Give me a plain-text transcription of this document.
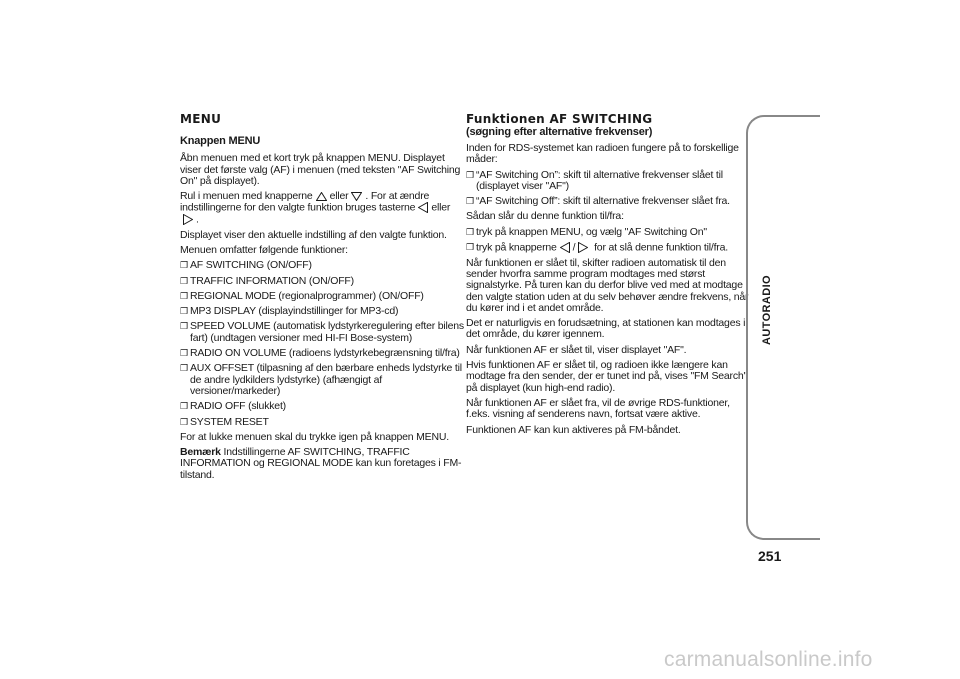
MENU
Knappen MENU

Åbn menuen med et kort tryk på knappen MENU. Displayet viser det første valg (AF) i menuen (med teksten "AF Switching On" på displayet).

Rul i menuen med knapperne eller . For at ændre indstillingerne for den valgte funktion bruges tasterne eller.

Displayet viser den aktuelle indstilling af den valgte funktion.

Menuen omfatter følgende funktioner:

❒ AF SWITCHING (ON/OFF)
❒ TRAFFIC INFORMATION (ON/OFF)
❒ REGIONAL MODE (regionalprogrammer) (ON/OFF)
❒ MP3 DISPLAY (displayindstillinger for MP3-cd)
❒ SPEED VOLUME (automatisk lydstyrkeregulering efter bilens fart) (undtagen versioner med HI-FI Bose-system)
❒ RADIO ON VOLUME (radioens lydstyrkebegrænsning til/fra)
❒ AUX OFFSET (tilpasning af den bærbare enheds lydstyrke til de andre lydkilders lydstyrke) (afhængigt af versioner/markeder)
❒ RADIO OFF (slukket)
❒ SYSTEM RESET

For at lukke menuen skal du trykke igen på knappen MENU.

Bemærk Indstillingerne AF SWITCHING, TRAFFIC INFORMATION og REGIONAL MODE kan kun foretages i FM-tilstand.

Funktionen AF SWITCHING
(søgning efter alternative frekvenser)

Inden for RDS-systemet kan radioen fungere på to forskellige måder:

❒ “AF Switching On”: skift til alternative frekvenser slået til (displayet viser "AF")
❒ “AF Switching Off”: skift til alternative frekvenser slået fra.

Sådan slår du denne funktion til/fra:

❒ tryk på knappen MENU, og vælg "AF Switching On"
❒ tryk på knapperne / for at slå denne funktion til/fra.

Når funktionen er slået til, skifter radioen automatisk til den sender hvorfra samme program modtages med størst signalstyrke. På turen kan du derfor blive ved med at modtage den valgte station uden at du selv behøver ændre frekvens, når du kører ind i et andet område.

Det er naturligvis en forudsætning, at stationen kan modtages i det område, du kører igennem.

Når funktionen AF er slået til, viser displayet "AF".

Hvis funktionen AF er slået til, og radioen ikke længere kan modtage fra den sender, der er tunet ind på, vises "FM Search" på displayet (kun high-end radio).

Når funktionen AF er slået fra, vil de øvrige RDS-funktioner, f.eks. visning af senderens navn, fortsat være aktive.

Funktionen AF kan kun aktiveres på FM-båndet.

AUTORADIO
251
carmanualsonline.info
